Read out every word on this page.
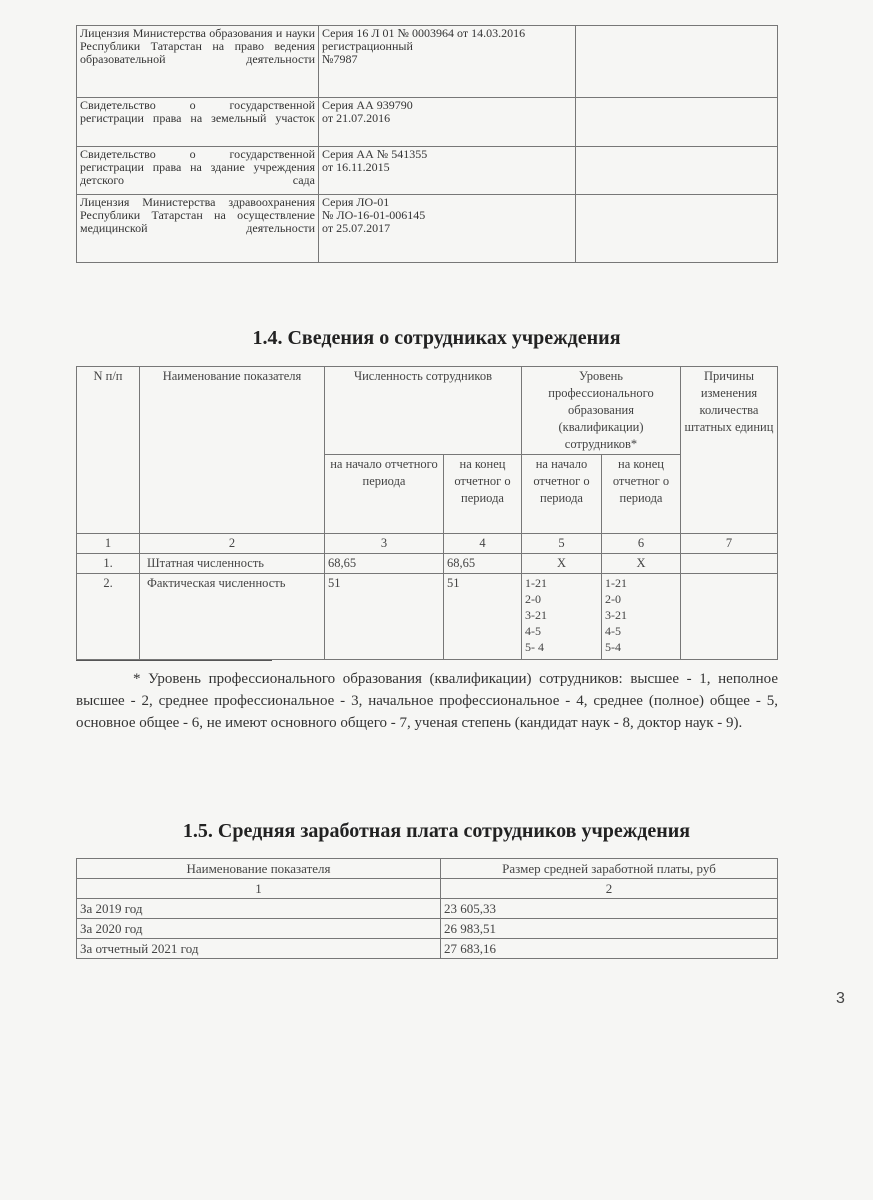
Лицензия Министерства образования и науки Республики Татарстан на право ведения образовательной деятельности	Серия 16 Л 01 № 0003964 от 14.03.2016
регистрационный
№7987	
Свидетельство о государственной регистрации права на земельный участок	Серия АА 939790
от 21.07.2016	
Свидетельство о государственной регистрации права на здание учреждения детского сада	Серия АА № 541355
от 16.11.2015	
Лицензия Министерства здравоохранения Республики Татарстан на осуществление медицинской деятельности	Серия ЛО-01
№ ЛО-16-01-006145
от 25.07.2017	
1.4. Сведения о сотрудниках учреждения
N п/п	Наименование показателя	Численность сотрудников		Уровень профессионального образования (квалификации) сотрудников*		Причины изменения количества штатных единиц
		на начало отчетного периода	на конец отчетног о периода	на начало отчетног о периода	на конец отчетног о периода	
1	2	3	4	5	6	7
1.	Штатная численность	68,65	68,65	X	X	
2.	Фактическая численность	51	51	1-21
2-0
3-21
4-5
5- 4	1-21
2-0
3-21
4-5
5-4	
* Уровень профессионального образования (квалификации) сотрудников: высшее - 1, неполное высшее - 2, среднее профессиональное - 3, начальное профессиональное - 4, среднее (полное) общее - 5, основное общее - 6, не имеют основного общего - 7, ученая степень (кандидат наук - 8, доктор наук - 9).
1.5. Средняя заработная плата сотрудников учреждения
Наименование показателя	Размер средней заработной платы, руб
1	2
За 2019 год	23 605,33
За 2020 год	26 983,51
За отчетный 2021 год	27 683,16
3
